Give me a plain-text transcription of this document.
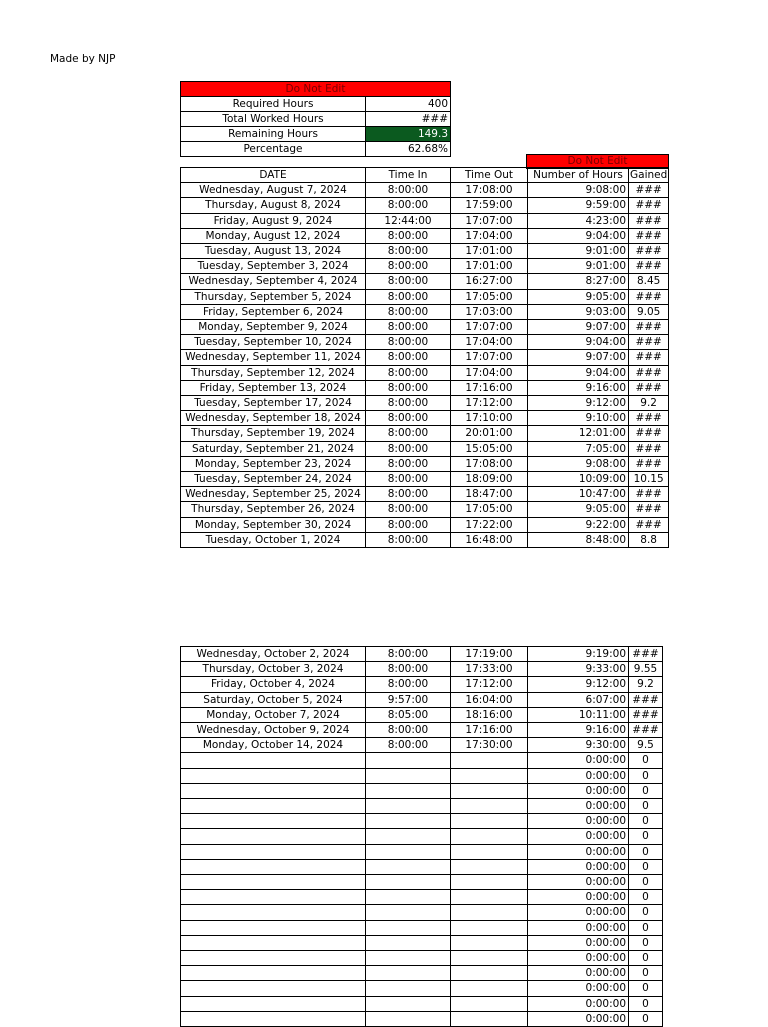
Made by NJP
Do Not Edit	
Required Hours	400
Total Worked Hours	###
Remaining Hours	149.3
Percentage	62.68%
Do Not Edit
DATE	Time In	Time Out	Number of Hours	Gained
Wednesday, August 7, 2024	8:00:00	17:08:00	9:08:00	###
Thursday, August 8, 2024	8:00:00	17:59:00	9:59:00	###
Friday, August 9, 2024	12:44:00	17:07:00	4:23:00	###
Monday, August 12, 2024	8:00:00	17:04:00	9:04:00	###
Tuesday, August 13, 2024	8:00:00	17:01:00	9:01:00	###
Tuesday, September 3, 2024	8:00:00	17:01:00	9:01:00	###
Wednesday, September 4, 2024	8:00:00	16:27:00	8:27:00	8.45
Thursday, September 5, 2024	8:00:00	17:05:00	9:05:00	###
Friday, September 6, 2024	8:00:00	17:03:00	9:03:00	9.05
Monday, September 9, 2024	8:00:00	17:07:00	9:07:00	###
Tuesday, September 10, 2024	8:00:00	17:04:00	9:04:00	###
Wednesday, September 11, 2024	8:00:00	17:07:00	9:07:00	###
Thursday, September 12, 2024	8:00:00	17:04:00	9:04:00	###
Friday, September 13, 2024	8:00:00	17:16:00	9:16:00	###
Tuesday, September 17, 2024	8:00:00	17:12:00	9:12:00	9.2
Wednesday, September 18, 2024	8:00:00	17:10:00	9:10:00	###
Thursday, September 19, 2024	8:00:00	20:01:00	12:01:00	###
Saturday, September 21, 2024	8:00:00	15:05:00	7:05:00	###
Monday, September 23, 2024	8:00:00	17:08:00	9:08:00	###
Tuesday, September 24, 2024	8:00:00	18:09:00	10:09:00	10.15
Wednesday, September 25, 2024	8:00:00	18:47:00	10:47:00	###
Thursday, September 26, 2024	8:00:00	17:05:00	9:05:00	###
Monday, September 30, 2024	8:00:00	17:22:00	9:22:00	###
Tuesday, October 1, 2024	8:00:00	16:48:00	8:48:00	8.8
Wednesday, October 2, 2024	8:00:00	17:19:00	9:19:00	###
Thursday, October 3, 2024	8:00:00	17:33:00	9:33:00	9.55
Friday, October 4, 2024	8:00:00	17:12:00	9:12:00	9.2
Saturday, October 5, 2024	9:57:00	16:04:00	6:07:00	###
Monday, October 7, 2024	8:05:00	18:16:00	10:11:00	###
Wednesday, October 9, 2024	8:00:00	17:16:00	9:16:00	###
Monday, October 14, 2024	8:00:00	17:30:00	9:30:00	9.5
			0:00:00	0
			0:00:00	0
			0:00:00	0
			0:00:00	0
			0:00:00	0
			0:00:00	0
			0:00:00	0
			0:00:00	0
			0:00:00	0
			0:00:00	0
			0:00:00	0
			0:00:00	0
			0:00:00	0
			0:00:00	0
			0:00:00	0
			0:00:00	0
			0:00:00	0
			0:00:00	0
